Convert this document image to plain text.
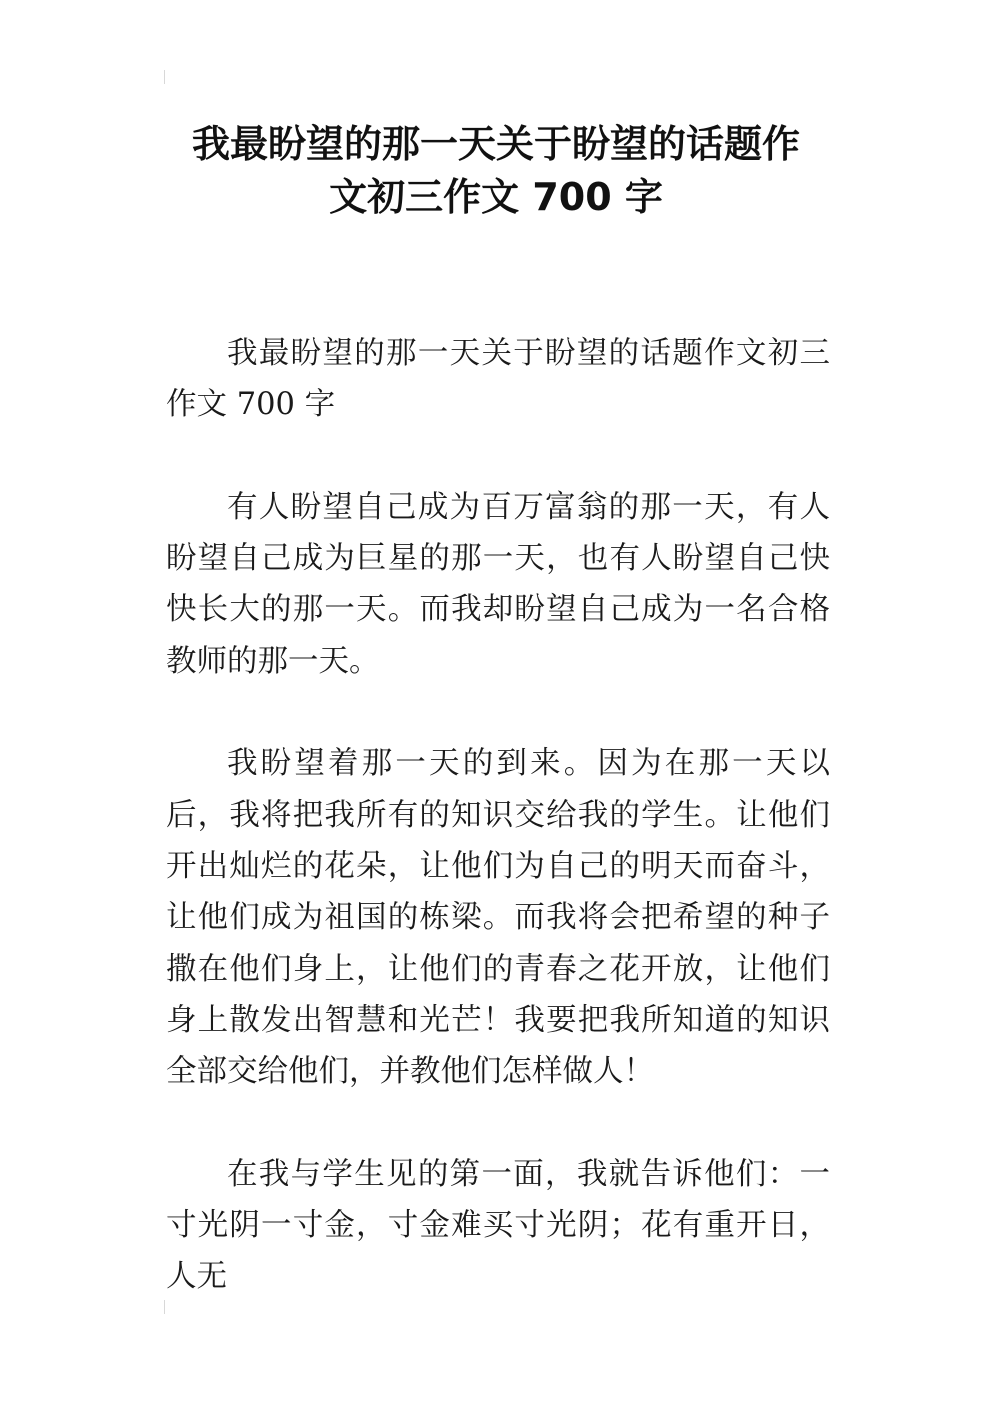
我最盼望的那一天关于盼望的话题作
文初三作文 700 字

我最盼望的那一天关于盼望的话题作文初三作文 700 字

有人盼望自己成为百万富翁的那一天，有人盼望自己成为巨星的那一天，也有人盼望自己快快长大的那一天。而我却盼望自己成为一名合格教师的那一天。

我盼望着那一天的到来。因为在那一天以后，我将把我所有的知识交给我的学生。让他们开出灿烂的花朵，让他们为自己的明天而奋斗，让他们成为祖国的栋梁。而我将会把希望的种子撒在他们身上，让他们的青春之花开放，让他们身上散发出智慧和光芒！我要把我所知道的知识全部交给他们，并教他们怎样做人！

在我与学生见的第一面，我就告诉他们：一寸光阴一寸金，寸金难买寸光阴；花有重开日，人无
